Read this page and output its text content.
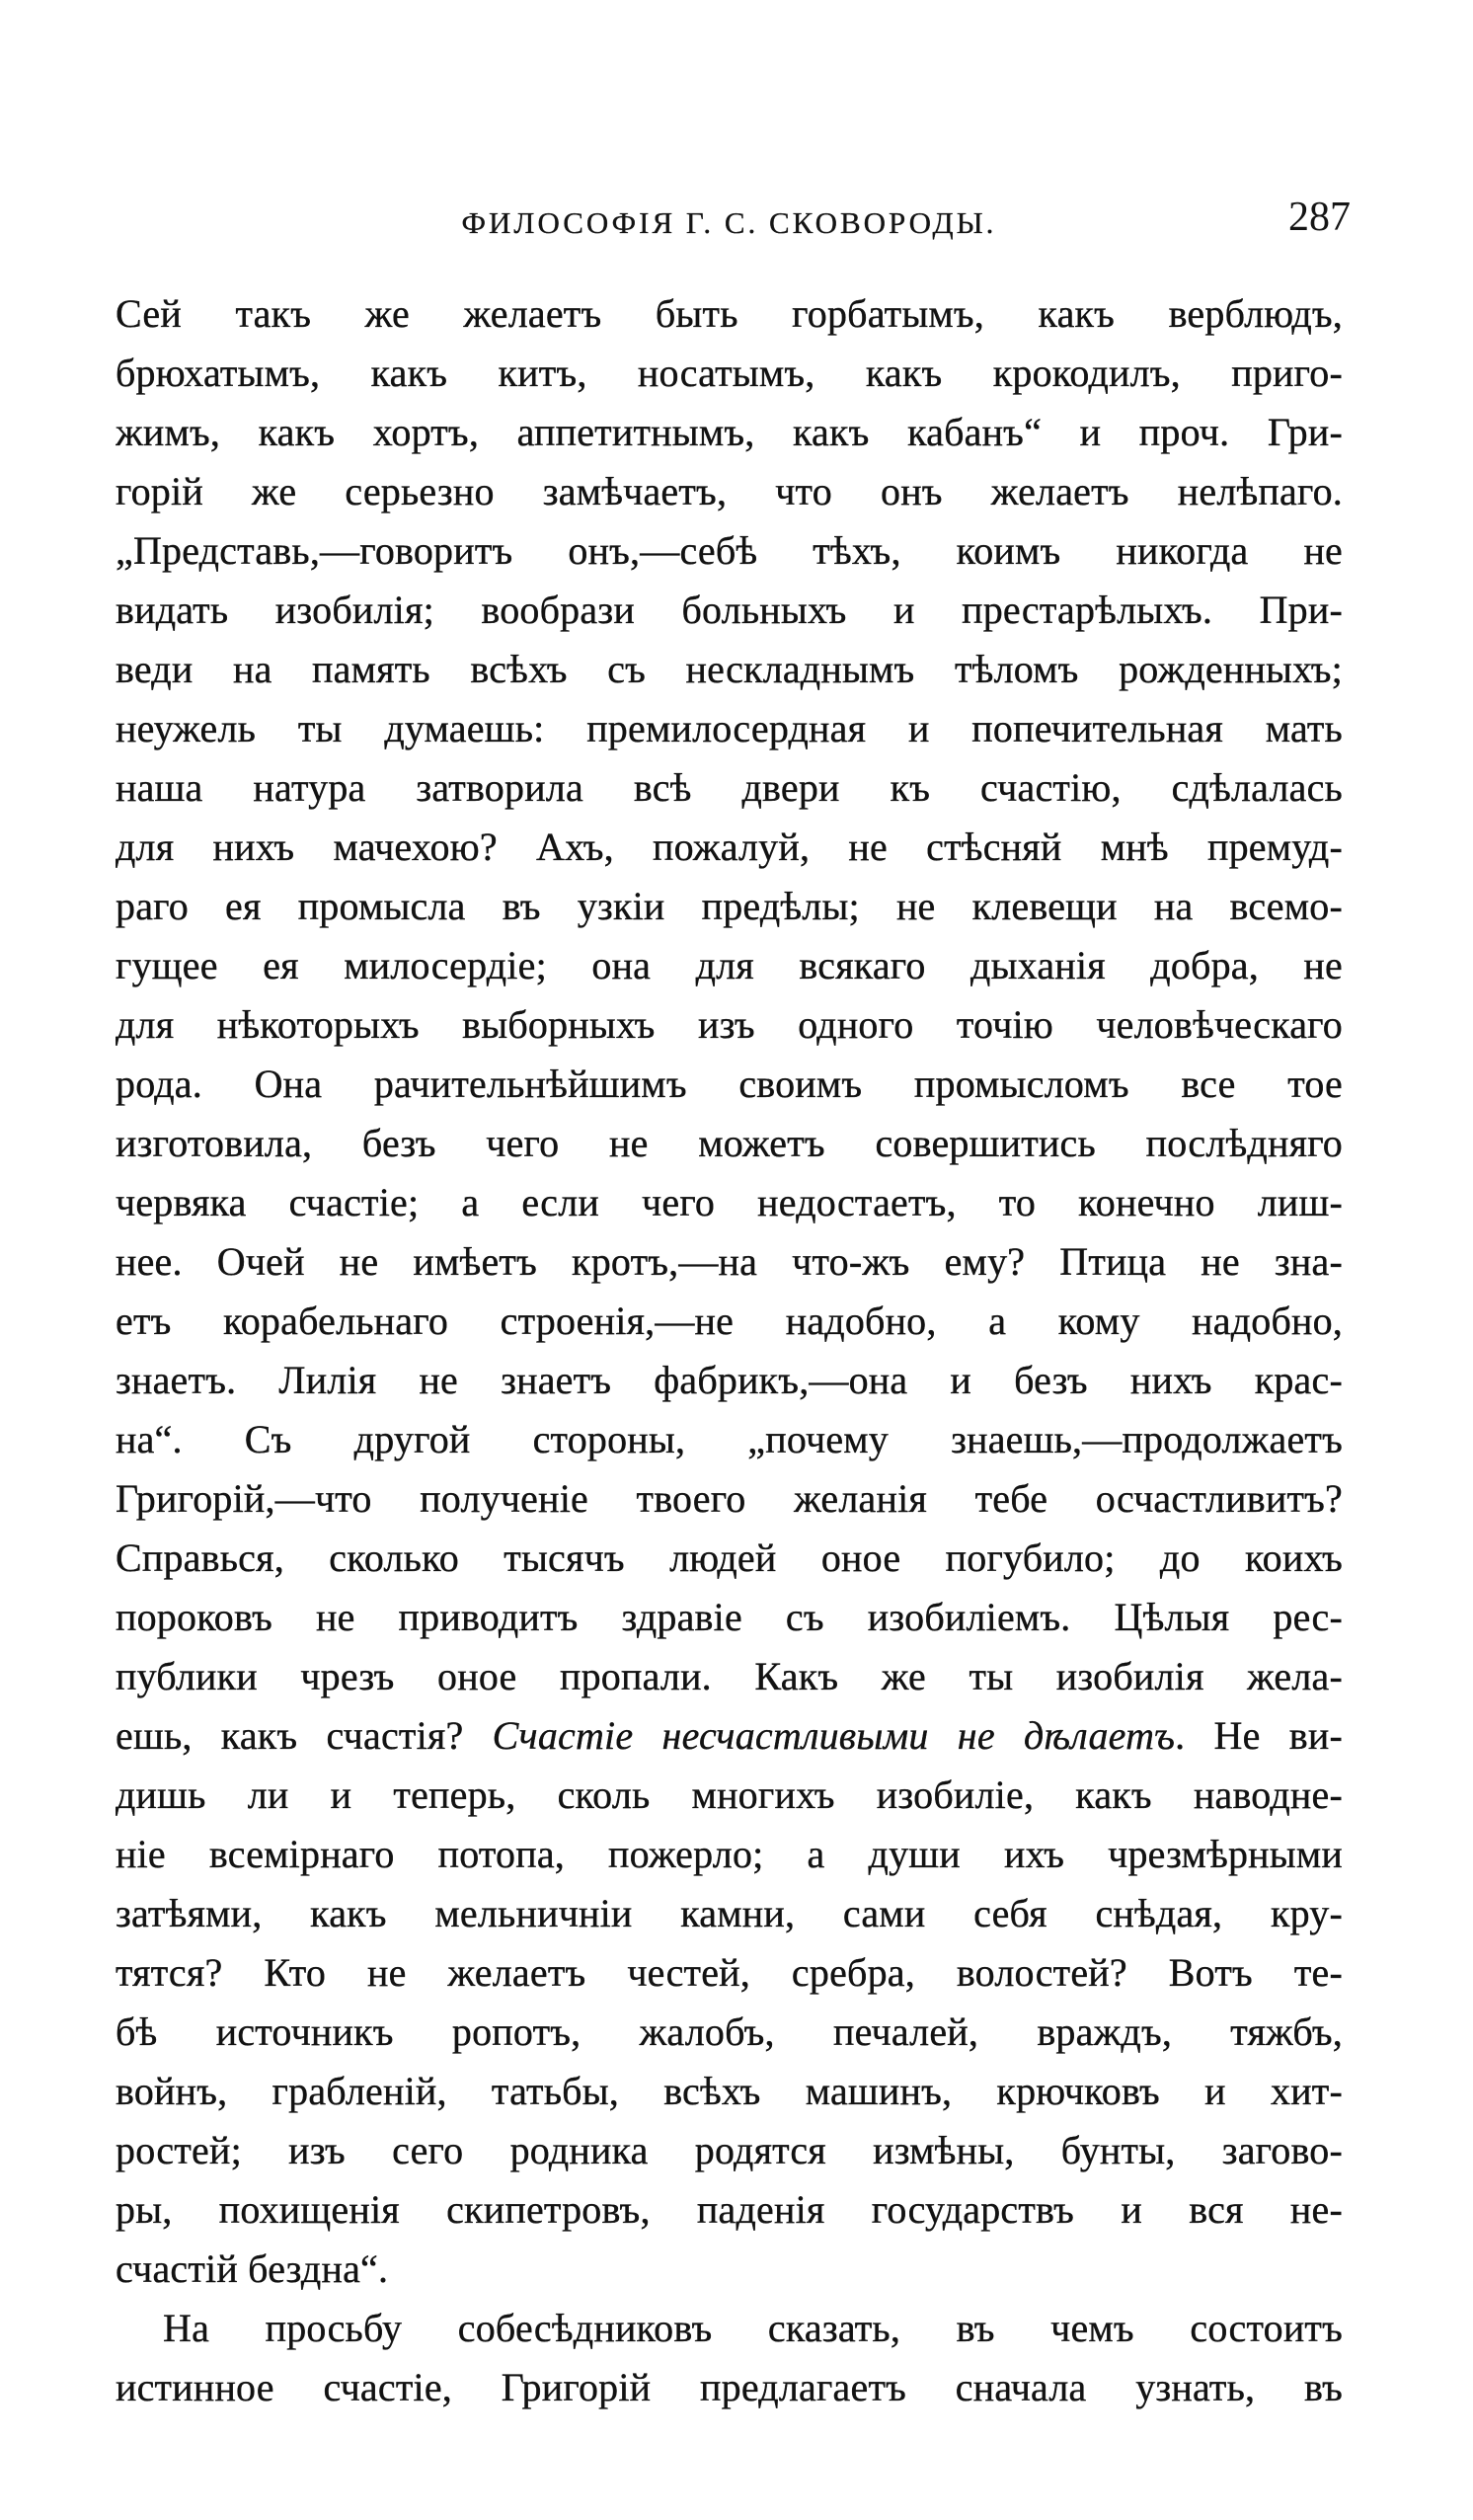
ФИЛОСОФІЯ Г. С. СКОВОРОДЫ.	287
Сей такъ же желаетъ быть горбатымъ, какъ верблюдъ,
брюхатымъ, какъ китъ, носатымъ, какъ крокодилъ, приго-
жимъ, какъ хортъ, аппетитнымъ, какъ кабанъ“ и проч. Гри-
горій же серьезно замѣчаетъ, что онъ желаетъ нелѣпаго.
„Представь,—говоритъ онъ,—себѣ тѣхъ, коимъ никогда не
видать изобилія; вообрази больныхъ и престарѣлыхъ. При-
веди на память всѣхъ съ нескладнымъ тѣломъ рожденныхъ;
неужель ты думаешь: премилосердная и попечительная мать
наша натура затворила всѣ двери къ счастію, сдѣлалась
для нихъ мачехою? Ахъ, пожалуй, не стѣсняй мнѣ премуд-
раго ея промысла въ узкіи предѣлы; не клевещи на всемо-
гущее ея милосердіе; она для всякаго дыханія добра, не
для нѣкоторыхъ выборныхъ изъ одного точію человѣческаго
рода. Она рачительнѣйшимъ своимъ промысломъ все тое
изготовила, безъ чего не можетъ совершитись послѣдняго
червяка счастіе; а если чего недостаетъ, то конечно лиш-
нее. Очей не имѣетъ кротъ,—на что-жъ ему? Птица не зна-
етъ корабельнаго строенія,—не надобно, а кому надобно,
знаетъ. Лилія не знаетъ фабрикъ,—она и безъ нихъ крас-
на“. Съ другой стороны, „почему знаешь,—продолжаетъ
Григорій,—что полученіе твоего желанія тебе осчастливитъ?
Справься, сколько тысячъ людей оное погубило; до коихъ
пороковъ не приводитъ здравіе съ изобиліемъ. Цѣлыя рес-
публики чрезъ оное пропали. Какъ же ты изобилія жела-
ешь, какъ счастія? Счастіе несчастливыми не дѣлаетъ. Не ви-
дишь ли и теперь, сколь многихъ изобиліе, какъ наводне-
ніе всемірнаго потопа, пожерло; а души ихъ чрезмѣрными
затѣями, какъ мельничніи камни, сами себя снѣдая, кру-
тятся? Кто не желаетъ честей, сребра, волостей? Вотъ те-
бѣ источникъ ропотъ, жалобъ, печалей, враждъ, тяжбъ,
войнъ, грабленій, татьбы, всѣхъ машинъ, крючковъ и хит-
ростей; изъ сего родника родятся измѣны, бунты, загово-
ры, похищенія скипетровъ, паденія государствъ и вся не-
счастій бездна“.
На просьбу собесѣдниковъ сказать, въ чемъ состоитъ
истинное счастіе, Григорій предлагаетъ сначала узнать, въ
